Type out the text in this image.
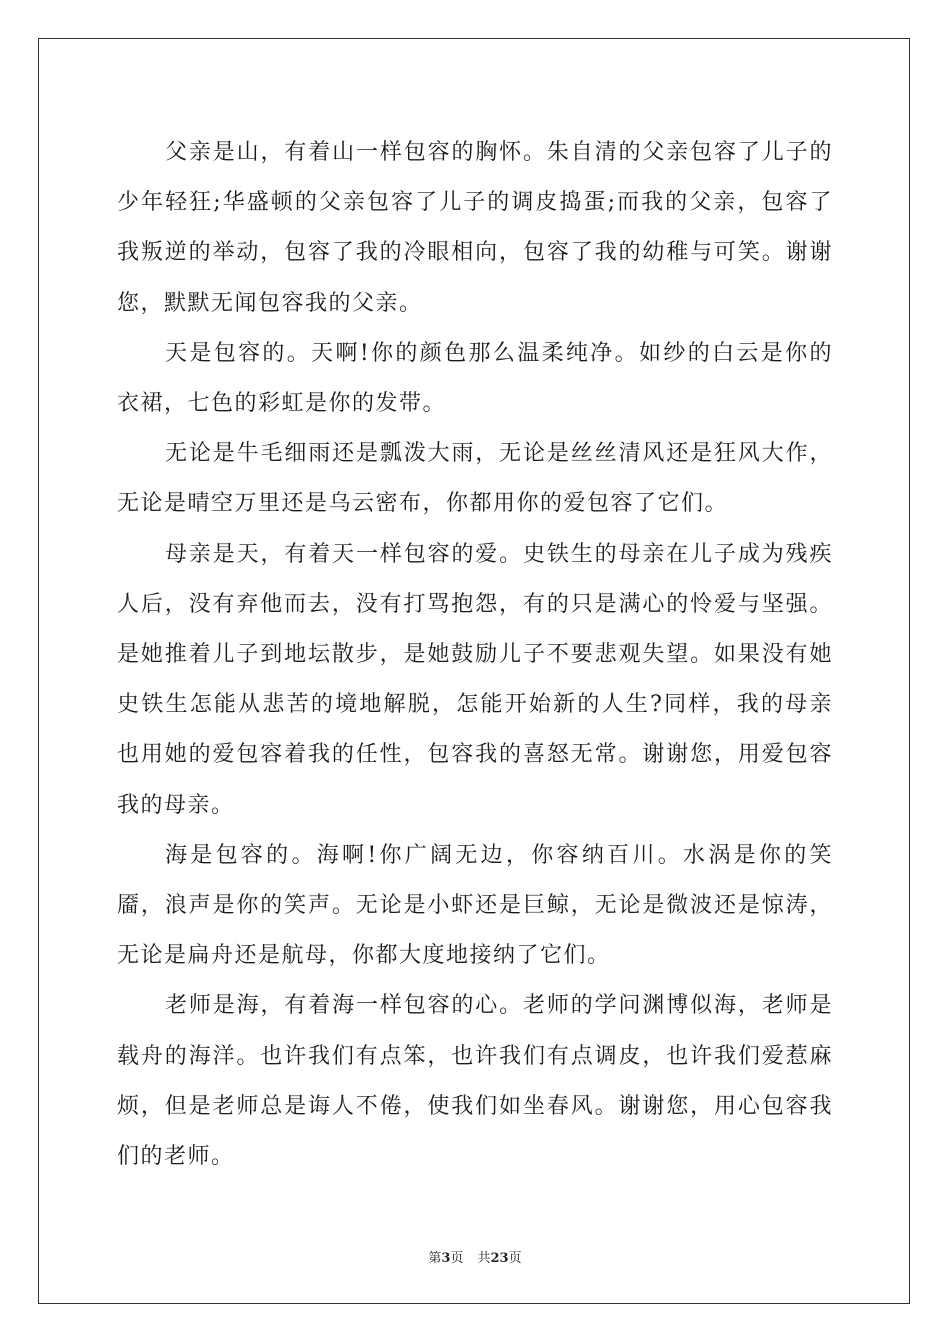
父亲是山，有着山一样包容的胸怀。朱自清的父亲包容了儿子的少年轻狂;华盛顿的父亲包容了儿子的调皮捣蛋;而我的父亲，包容了我叛逆的举动，包容了我的冷眼相向，包容了我的幼稚与可笑。谢谢您，默默无闻包容我的父亲。

天是包容的。天啊!你的颜色那么温柔纯净。如纱的白云是你的衣裙，七色的彩虹是你的发带。

无论是牛毛细雨还是瓢泼大雨，无论是丝丝清风还是狂风大作，无论是晴空万里还是乌云密布，你都用你的爱包容了它们。

母亲是天，有着天一样包容的爱。史铁生的母亲在儿子成为残疾人后，没有弃他而去，没有打骂抱怨，有的只是满心的怜爱与坚强。是她推着儿子到地坛散步，是她鼓励儿子不要悲观失望。如果没有她史铁生怎能从悲苦的境地解脱，怎能开始新的人生?同样，我的母亲也用她的爱包容着我的任性，包容我的喜怒无常。谢谢您，用爱包容我的母亲。

海是包容的。海啊!你广阔无边，你容纳百川。水涡是你的笑靥，浪声是你的笑声。无论是小虾还是巨鲸，无论是微波还是惊涛，无论是扁舟还是航母，你都大度地接纳了它们。

老师是海，有着海一样包容的心。老师的学问渊博似海，老师是载舟的海洋。也许我们有点笨，也许我们有点调皮，也许我们爱惹麻烦，但是老师总是诲人不倦，使我们如坐春风。谢谢您，用心包容我们的老师。

第3页 共23页
